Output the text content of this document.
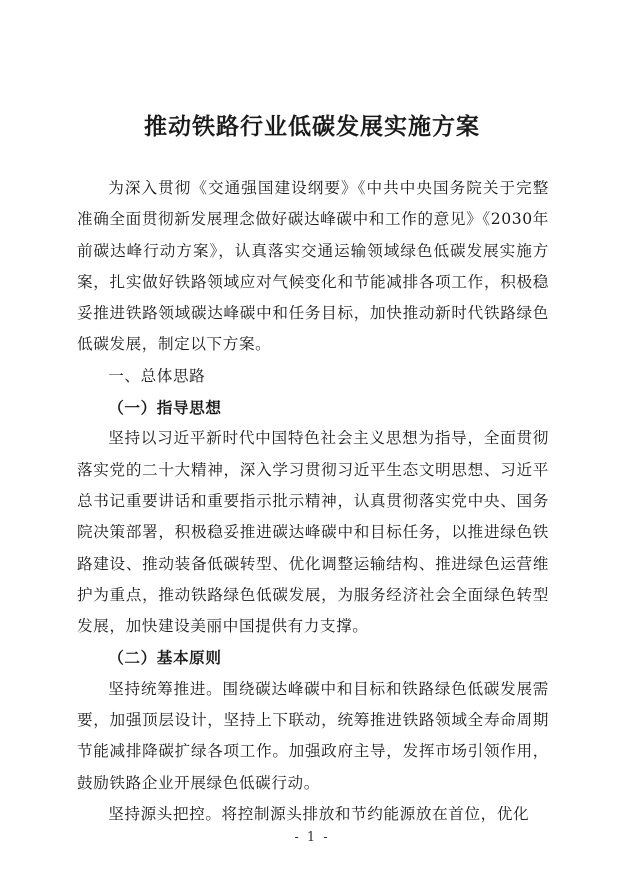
推动铁路行业低碳发展实施方案

为深入贯彻《交通强国建设纲要》《中共中央国务院关于完整准确全面贯彻新发展理念做好碳达峰碳中和工作的意见》《2030年前碳达峰行动方案》，认真落实交通运输领域绿色低碳发展实施方案，扎实做好铁路领域应对气候变化和节能减排各项工作，积极稳妥推进铁路领域碳达峰碳中和任务目标，加快推动新时代铁路绿色低碳发展，制定以下方案。

一、总体思路

（一）指导思想

坚持以习近平新时代中国特色社会主义思想为指导，全面贯彻落实党的二十大精神，深入学习贯彻习近平生态文明思想、习近平总书记重要讲话和重要指示批示精神，认真贯彻落实党中央、国务院决策部署，积极稳妥推进碳达峰碳中和目标任务，以推进绿色铁路建设、推动装备低碳转型、优化调整运输结构、推进绿色运营维护为重点，推动铁路绿色低碳发展，为服务经济社会全面绿色转型发展，加快建设美丽中国提供有力支撑。

（二）基本原则

坚持统筹推进。围绕碳达峰碳中和目标和铁路绿色低碳发展需要，加强顶层设计，坚持上下联动，统筹推进铁路领域全寿命周期节能减排降碳扩绿各项工作。加强政府主导，发挥市场引领作用，鼓励铁路企业开展绿色低碳行动。

坚持源头把控。将控制源头排放和节约能源放在首位，优化

- 1 -
